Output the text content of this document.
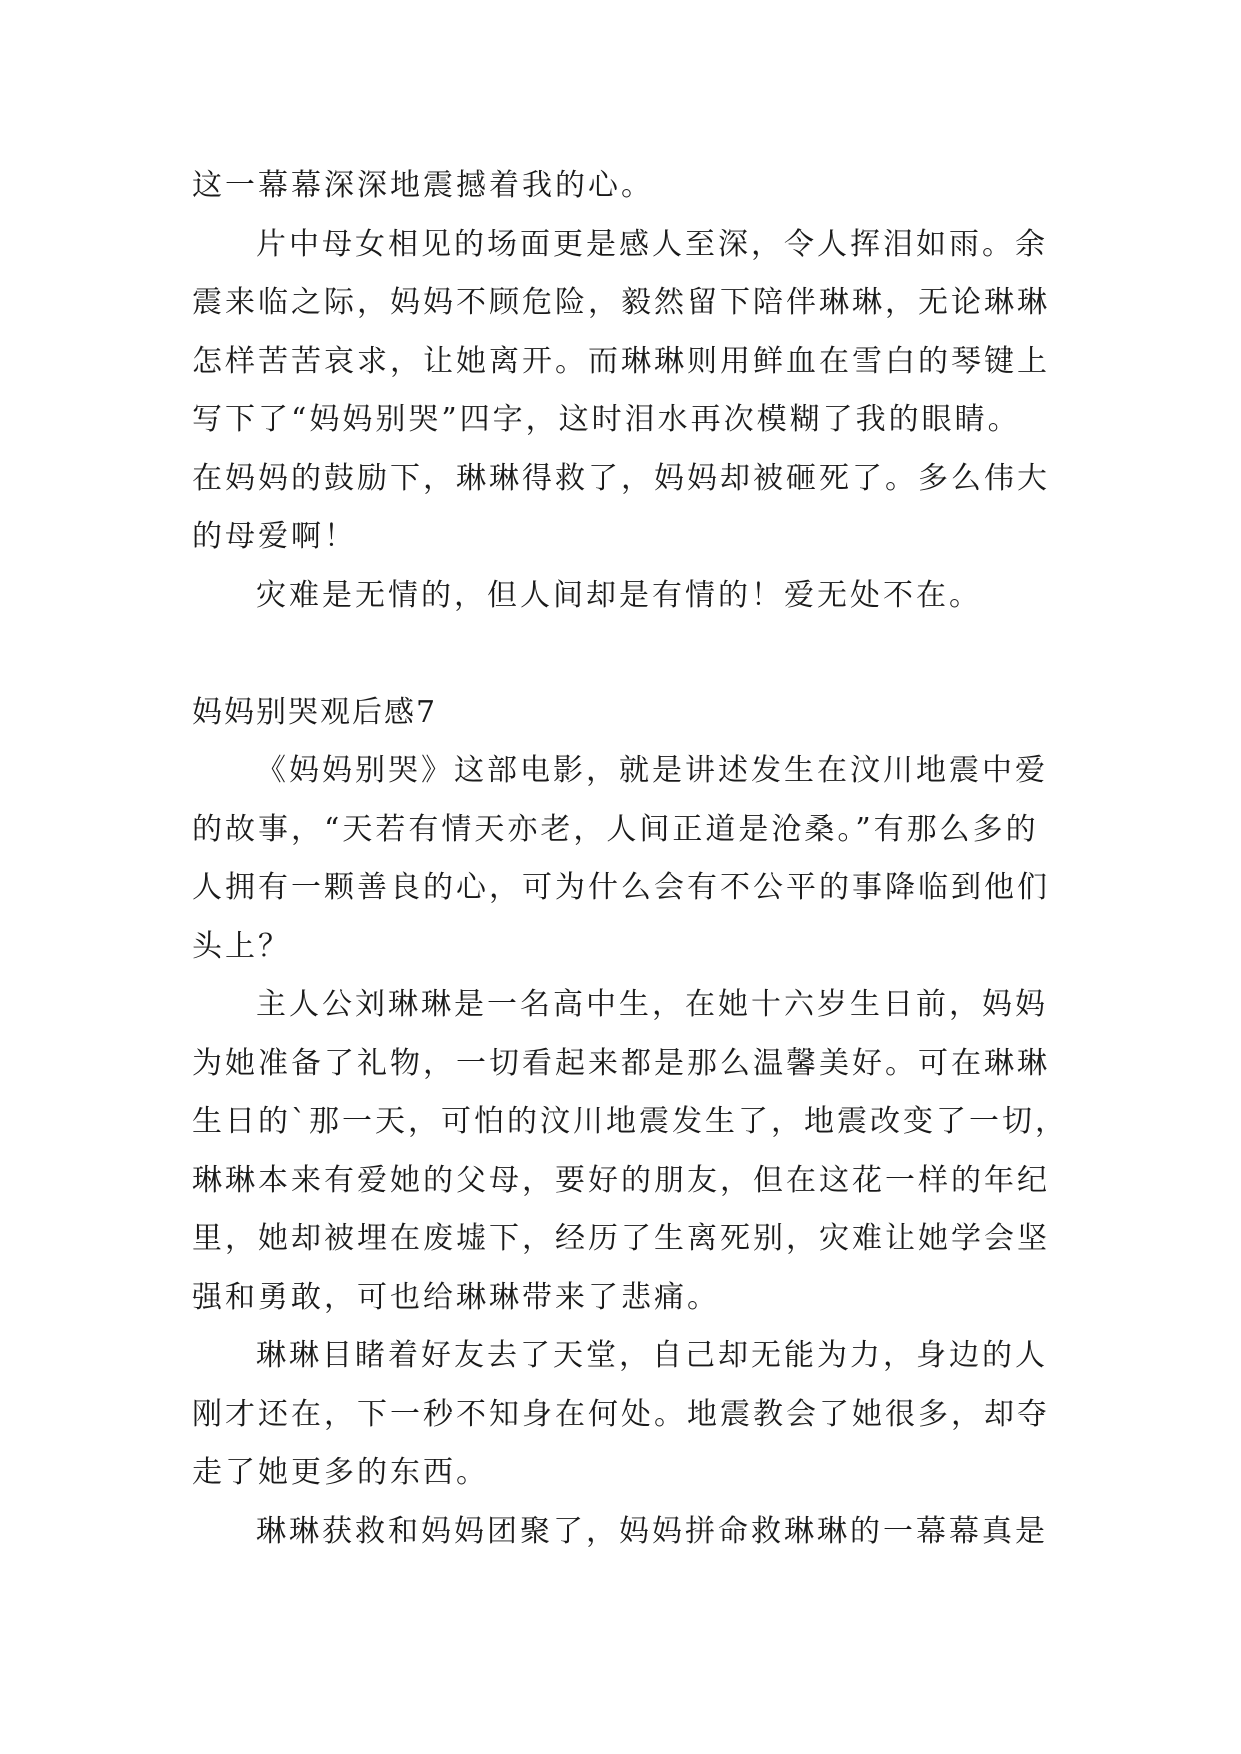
这一幕幕深深地震撼着我的心。
片中母女相见的场面更是感人至深，令人挥泪如雨。余
震来临之际，妈妈不顾危险，毅然留下陪伴琳琳，无论琳琳
怎样苦苦哀求，让她离开。而琳琳则用鲜血在雪白的琴键上
写下了“妈妈别哭”四字，这时泪水再次模糊了我的眼睛。
在妈妈的鼓励下，琳琳得救了，妈妈却被砸死了。多么伟大
的母爱啊！
灾难是无情的，但人间却是有情的！爱无处不在。
妈妈别哭观后感7
《妈妈别哭》这部电影，就是讲述发生在汶川地震中爱
的故事，“天若有情天亦老，人间正道是沧桑。”有那么多的
人拥有一颗善良的心，可为什么会有不公平的事降临到他们
头上？
主人公刘琳琳是一名高中生，在她十六岁生日前，妈妈
为她准备了礼物，一切看起来都是那么温馨美好。可在琳琳
生日的`那一天，可怕的汶川地震发生了，地震改变了一切，
琳琳本来有爱她的父母，要好的朋友，但在这花一样的年纪
里，她却被埋在废墟下，经历了生离死别，灾难让她学会坚
强和勇敢，可也给琳琳带来了悲痛。
琳琳目睹着好友去了天堂，自己却无能为力，身边的人
刚才还在，下一秒不知身在何处。地震教会了她很多，却夺
走了她更多的东西。
琳琳获救和妈妈团聚了，妈妈拼命救琳琳的一幕幕真是
